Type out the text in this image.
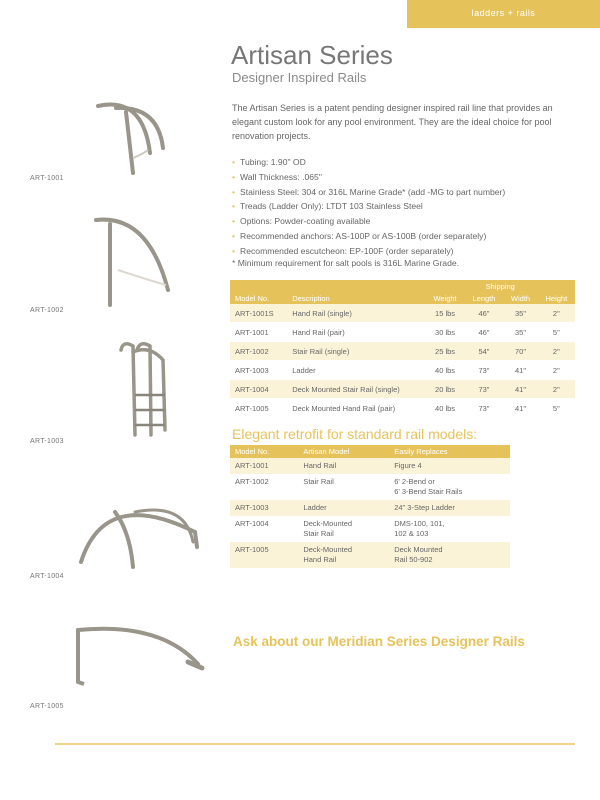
ladders + rails
ART-1001
ART-1002
ART-1003
ART-1004
ART-1005
Artisan Series
Designer Inspired Rails
The Artisan Series is a patent pending designer inspired rail line that provides an elegant custom look for any pool environment. They are the ideal choice for pool renovation projects.
• Tubing: 1.90" OD
• Wall Thickness: .065"
• Stainless Steel: 304 or 316L Marine Grade* (add -MG to part number)
• Treads (Ladder Only): LTDT 103 Stainless Steel
• Options: Powder-coating available
• Recommended anchors: AS-100P or AS-100B (order separately)
• Recommended escutcheon: EP-100F (order separately)
* Minimum requirement for salt pools is 316L Marine Grade.
		Shipping			
Model No.	Description	Weight	Length	Width	Height
ART-1001S	Hand Rail (single)	15 lbs	46"	35"	2"
ART-1001	Hand Rail (pair)	30 lbs	46"	35"	5"
ART-1002	Stair Rail (single)	25 lbs	54"	70"	2"
ART-1003	Ladder	40 lbs	73"	41"	2"
ART-1004	Deck Mounted Stair Rail (single)	20 lbs	73"	41"	2"
ART-1005	Deck Mounted Hand Rail (pair)	40 lbs	73"	41"	5"
Elegant retrofit for standard rail models:
Model No.	Artisan Model	Easily Replaces
ART-1001	Hand Rail	Figure 4
ART-1002	Stair Rail	6' 2-Bend or
6' 3-Bend Stair Rails
ART-1003	Ladder	24" 3-Step Ladder
ART-1004	Deck-Mounted
Stair Rail	DMS-100, 101,
102 & 103
ART-1005	Deck-Mounted
Hand Rail	Deck Mounted
Rail 50-902
Ask about our Meridian Series Designer Rails
